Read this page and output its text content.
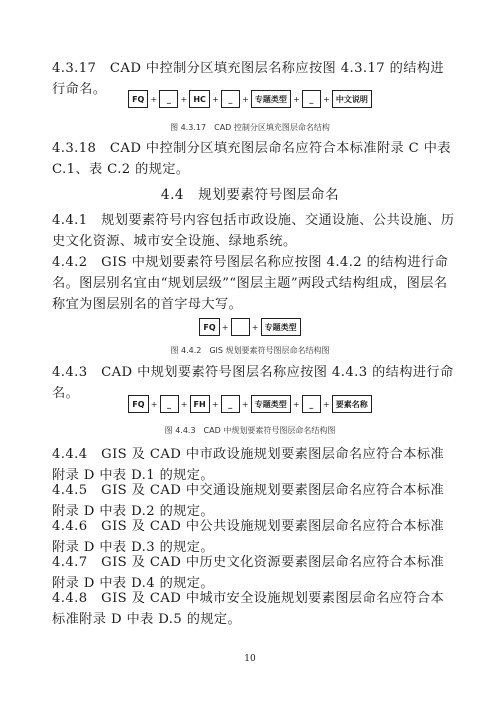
4.3.17　CAD 中控制分区填充图层名称应按图 4.3.17 的结构进行命名。

FQ +	_	+ HC +	_	+ 专题类型 +	_	+ 中文说明

图 4.3.17　CAD 控制分区填充图层命名结构

4.3.18　CAD 中控制分区填充图层命名应符合本标准附录 C 中表 C.1、表 C.2 的规定。

4.4　规划要素符号图层命名

4.4.1　规划要素符号内容包括市政设施、交通设施、公共设施、历史文化资源、城市安全设施、绿地系统。

4.4.2　GIS 中规划要素符号图层名称应按图 4.4.2 的结构进行命名。图层别名宜由“规划层级”“图层主题”两段式结构组成，图层名称宜为图层别名的首字母大写。

FQ +	+ 专题类型

图 4.4.2　GIS 规划要素符号图层命名结构图

4.4.3　CAD 中规划要素符号图层名称应按图 4.4.3 的结构进行命名。

FQ +	_	+ FH +	_	+ 专题类型 +	_	+ 要素名称

图 4.4.3　CAD 中规划要素符号图层命名结构图

4.4.4　GIS 及 CAD 中市政设施规划要素图层命名应符合本标准附录 D 中表 D.1 的规定。

4.4.5　GIS 及 CAD 中交通设施规划要素图层命名应符合本标准附录 D 中表 D.2 的规定。

4.4.6　GIS 及 CAD 中公共设施规划要素图层命名应符合本标准附录 D 中表 D.3 的规定。

4.4.7　GIS 及 CAD 中历史文化资源要素图层命名应符合本标准附录 D 中表 D.4 的规定。

4.4.8　GIS 及 CAD 中城市安全设施规划要素图层命名应符合本标准附录 D 中表 D.5 的规定。

10
